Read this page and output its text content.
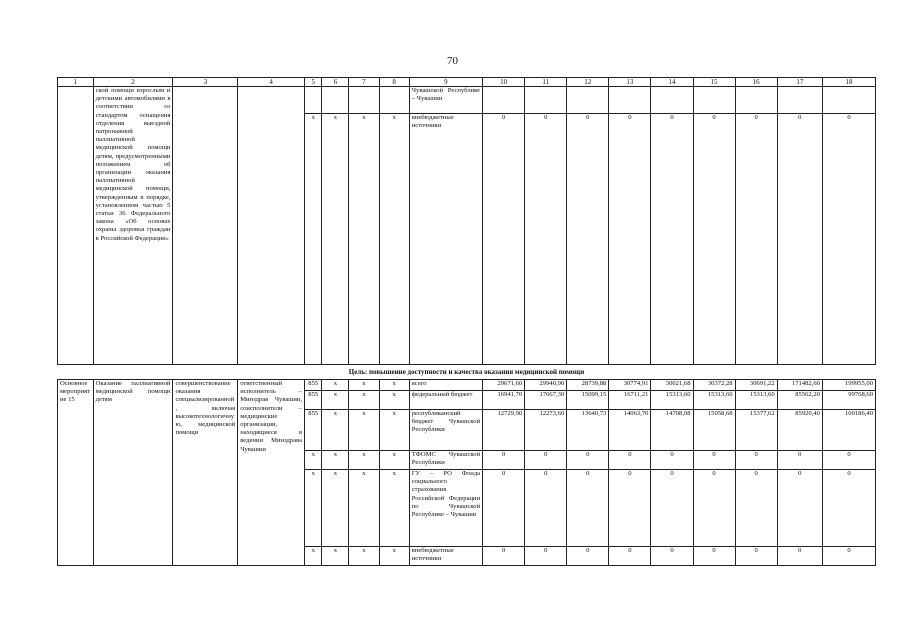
70
1	2	3	4	5	6	7	8	9	10	11	12	13	14	15	16	17	18
	ской помощи взрослым и детскими автомобилями в соответствии со стандартом оснащения отделения выездной патронажной паллиативной медицинской помощи детям, предусмотренными положением об организации оказания паллиативной медицинской помощи, утвержденным в порядке, установленном частью 5 статьи 36 Федерального закона «Об основах охраны здоровья граждан в Российской Федерации»							Чувашской Республике – Чувашии									
				x	x	x	x	внебюджетные источники	0	0	0	0	0	0	0	0	0
Цель: повышение доступности и качества оказания медицинской помощи																	
Основное мероприятие 15	Оказание паллиативной медицинской помощи детям	совершенствование оказания специализированной, включая высокотехнологичную, медицинской помощи	ответственный исполнитель – Минздрав Чувашии, соисполнители – медицинские организации, находящиеся в ведении Минздрава Чувашии	855	x	x	x	всего	29671,60	29940,90	28739,88	30774,91	30021,68	30372,28	30691,22	171482,60	199955,00
				855	x	x	x	федеральный бюджет	16941,70	17667,30	15099,15	16711,21	15313,60	15313,60	15313,60	85562,20	99768,60
				855	x	x	x	республиканский бюджет Чувашской Республики	12729,90	12273,60	13640,73	14063,70	14708,08	15058,68	15377,62	85920,40	100186,40
				x	x	x	x	ТФОМС Чувашской Республики	0	0	0	0	0	0	0	0	0
				x	x	x	x	ГУ – РО Фонда социального страхования Российской Федерации по Чувашской Республике – Чувашии	0	0	0	0	0	0	0	0	0
				x	x	x	x	внебюджетные источники	0	0	0	0	0	0	0	0	0
